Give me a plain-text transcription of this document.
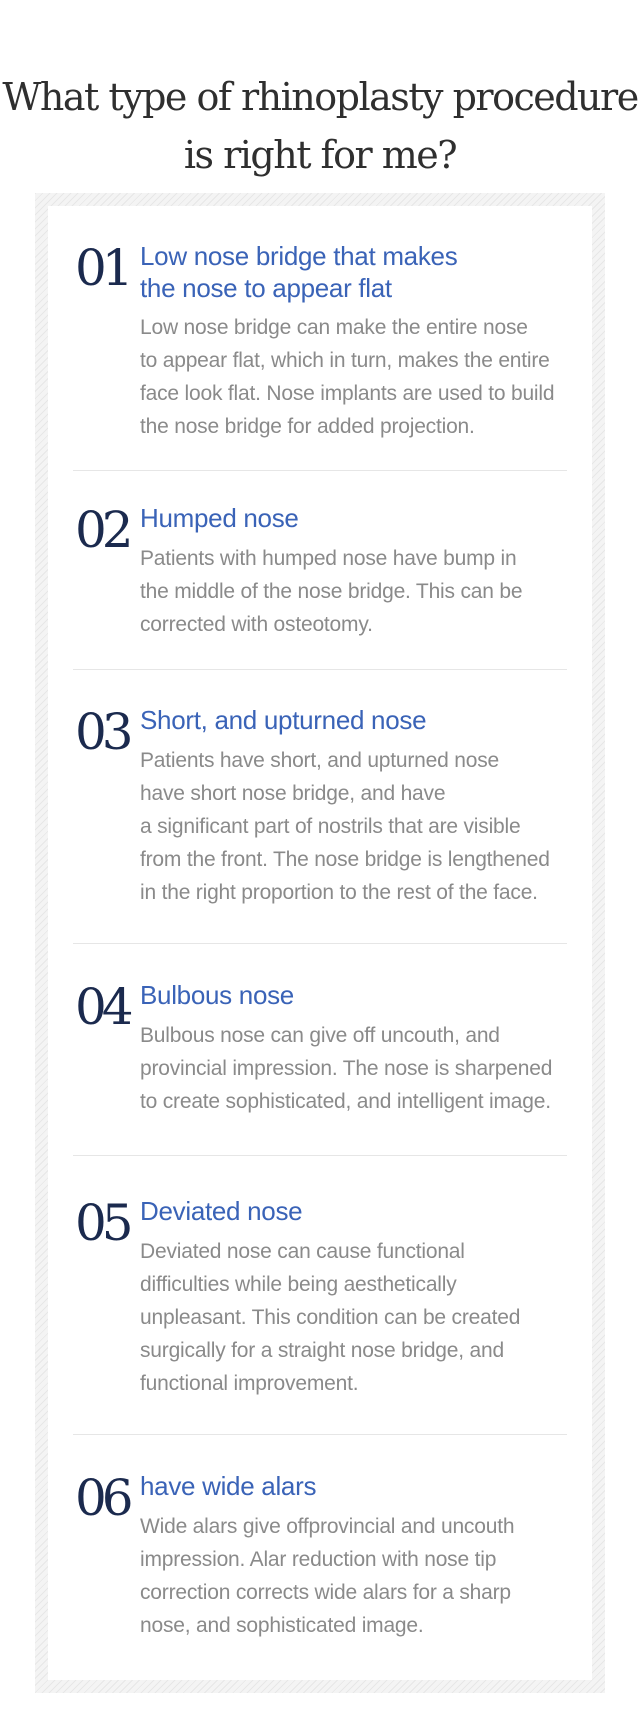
What type of rhinoplasty procedure
is right for me?
01 Low nose bridge that makes
the nose to appear flat
Low nose bridge can make the entire nose
to appear flat, which in turn, makes the entire
face look flat. Nose implants are used to build
the nose bridge for added projection.
02 Humped nose
Patients with humped nose have bump in
the middle of the nose bridge. This can be
corrected with osteotomy.
03 Short, and upturned nose
Patients have short, and upturned nose
have short nose bridge, and have
a significant part of nostrils that are visible
from the front. The nose bridge is lengthened
in the right proportion to the rest of the face.
04 Bulbous nose
Bulbous nose can give off uncouth, and
provincial impression. The nose is sharpened
to create sophisticated, and intelligent image.
05 Deviated nose
Deviated nose can cause functional
difficulties while being aesthetically
unpleasant. This condition can be created
surgically for a straight nose bridge, and
functional improvement.
06 have wide alars
Wide alars give offprovincial and uncouth
impression. Alar reduction with nose tip
correction corrects wide alars for a sharp
nose, and sophisticated image.
